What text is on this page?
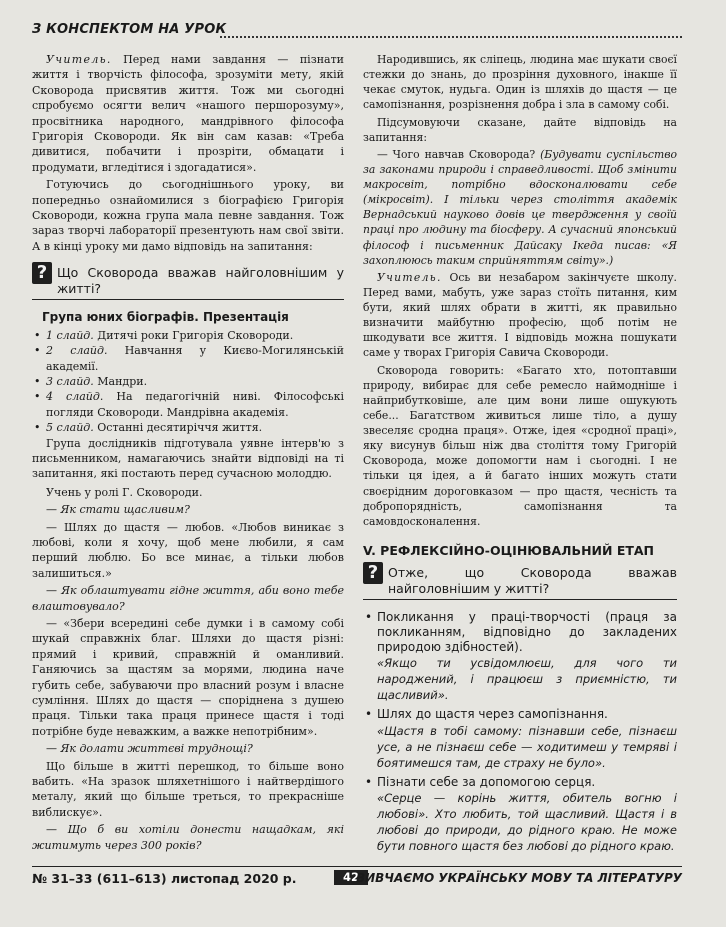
З КОНСПЕКТОМ НА УРОК

Учитель. Перед нами завдання — пізнати життя і творчість філософа, зрозуміти мету, якій Сковорода присвятив життя. Тож ми сьогодні спробуємо осягти велич «нашого першорозуму», просвітника народного, мандрівного філософа Григорія Сковороди. Як він сам казав: «Треба дивитися, побачити і прозріти, обмацати і продумати, вгледітися і здогадатися».

Готуючись до сьогоднішнього уроку, ви попередньо ознайомилися з біографією Григорія Сковороди, кожна група мала певне завдання. Тож зараз творчі лабораторії презентують нам свої звіти. А в кінці уроку ми дамо відповідь на запитання:

? Що Сковорода вважав найголовнішим у житті?
Група юних біографів. Презентація
• 1 слайд. Дитячі роки Григорія Сковороди.
• 2 слайд. Навчання у Києво-Могилянській академії.
• 3 слайд. Мандри.
• 4 слайд. На педагогічній ниві. Філософські погляди Сковороди. Мандрівна академія.
• 5 слайд. Останні десятиріччя життя.

Група дослідників підготувала уявне інтерв'ю з письменником, намагаючись знайти відповіді на ті запитання, які постають перед сучасною молоддю.

Учень у ролі Г. Сковороди.

— Як стати щасливим?

— Шлях до щастя — любов. «Любов виникає з любові, коли я хочу, щоб мене любили, я сам перший люблю. Бо все минає, а тільки любов залишиться.»

— Як облаштувати гідне життя, аби воно тебе влаштовувало?

— «Збери всередині себе думки і в самому собі шукай справжніх благ. Шляхи до щастя різні: прямий і кривий, справжній й оманливий. Ганяючись за щастям за морями, людина наче губить себе, забуваючи про власний розум і власне сумління. Шлях до щастя — споріднена з душею праця. Тільки така праця принесе щастя і тоді потрібне буде неважким, а важке непотрібним».

— Як долати життєві труднощі?

Що більше в житті перешкод, то більше воно вабить. «На зразок шляхетнішого і найтвердішого металу, який що більше треться, то прекрасніше виблискує».

— Що б ви хотіли донести нащадкам, які житимуть через 300 років?

Народившись, як сліпець, людина має шукати своєї стежки до знань, до прозріння духовного, інакше її чекає смуток, нудьга. Один із шляхів до щастя — це самопізнання, розрізнення добра і зла в самому собі.

Підсумовуючи сказане, дайте відповідь на запитання:

— Чого навчав Сковорода? (Будувати суспільство за законами природи і справедливості. Щоб змінити макросвіт, потрібно вдосконалювати себе (мікросвіт). І тільки через століття академік Вернадський науково довів це твердження у своїй праці про людину та біосферу. А сучасний японський філософ і письменник Дайсаку Ікеда писав: «Я захоплююсь таким сприйняттям світу».)

Учитель. Ось ви незабаром закінчуєте школу. Перед вами, мабуть, уже зараз стоїть питання, ким бути, який шлях обрати в житті, як правильно визначити майбутню професію, щоб потім не шкодувати все життя. І відповідь можна пошукати саме у творах Григорія Савича Сковороди.

Сковорода говорить: «Багато хто, потоптавши природу, вибирає для себе ремесло наймодніше і найприбутковіше, але цим вони лише ошукують себе... Багатством живиться лише тіло, а душу звеселяє сродна праця». Отже, ідея «сродної праці», яку висунув більш ніж два століття тому Григорій Сковорода, може допомогти нам і сьогодні. І не тільки ця ідея, а й багато інших можуть стати своєрідним дороговказом — про щастя, чесність та добропорядність, самопізнання та самовдосконалення.

V. РЕФЛЕКСІЙНО-ОЦІНЮВАЛЬНИЙ ЕТАП
? Отже, що Сковорода вважав найголовнішим у житті?
• Покликання у праці-творчості (праця за покликанням, відповідно до закладених природою здібностей).
«Якщо ти усвідомлюєш, для чого ти народжений, і працюєш з приємністю, ти щасливий».
• Шлях до щастя через самопізнання.
«Щастя в тобі самому: пізнавши себе, пізнаєш усе, а не пізнаєш себе — ходитимеш у темряві і боятимешся там, де страху не було».
• Пізнати себе за допомогою серця.
«Серце — корінь життя, обитель вогню і любові». Хто любить, той щасливий. Щастя і в любові до природи, до рідного краю. Не може бути повного щастя без любові до рідного краю.
№ 31–33 (611–613) листопад 2020 р.	42
ВИВЧАЄМО УКРАЇНСЬКУ МОВУ ТА ЛІТЕРАТУРУ
